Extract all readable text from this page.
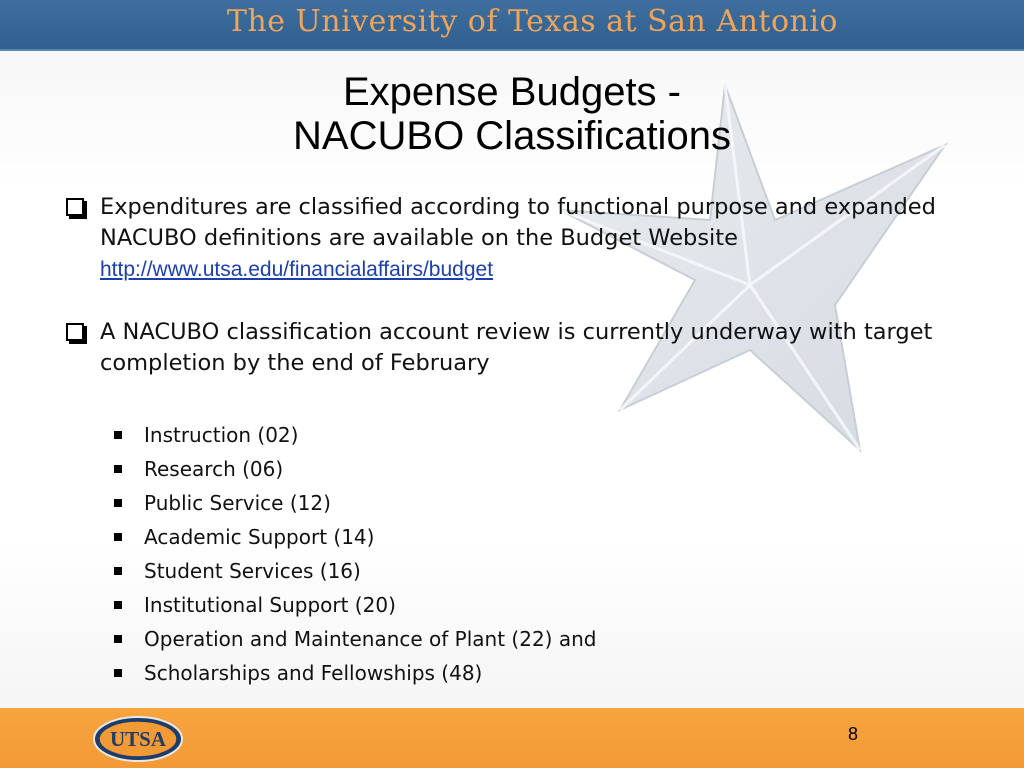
The University of Texas at San Antonio
Expense Budgets -
NACUBO Classifications
Expenditures are classified according to functional purpose and expanded NACUBO definitions are available on the Budget Website
http://www.utsa.edu/financialaffairs/budget
A NACUBO classification account review is currently underway with target completion by the end of February
Instruction (02)
Research (06)
Public Service (12)
Academic Support (14)
Student Services (16)
Institutional Support (20)
Operation and Maintenance of Plant (22) and
Scholarships and Fellowships (48)
UTSA	8
